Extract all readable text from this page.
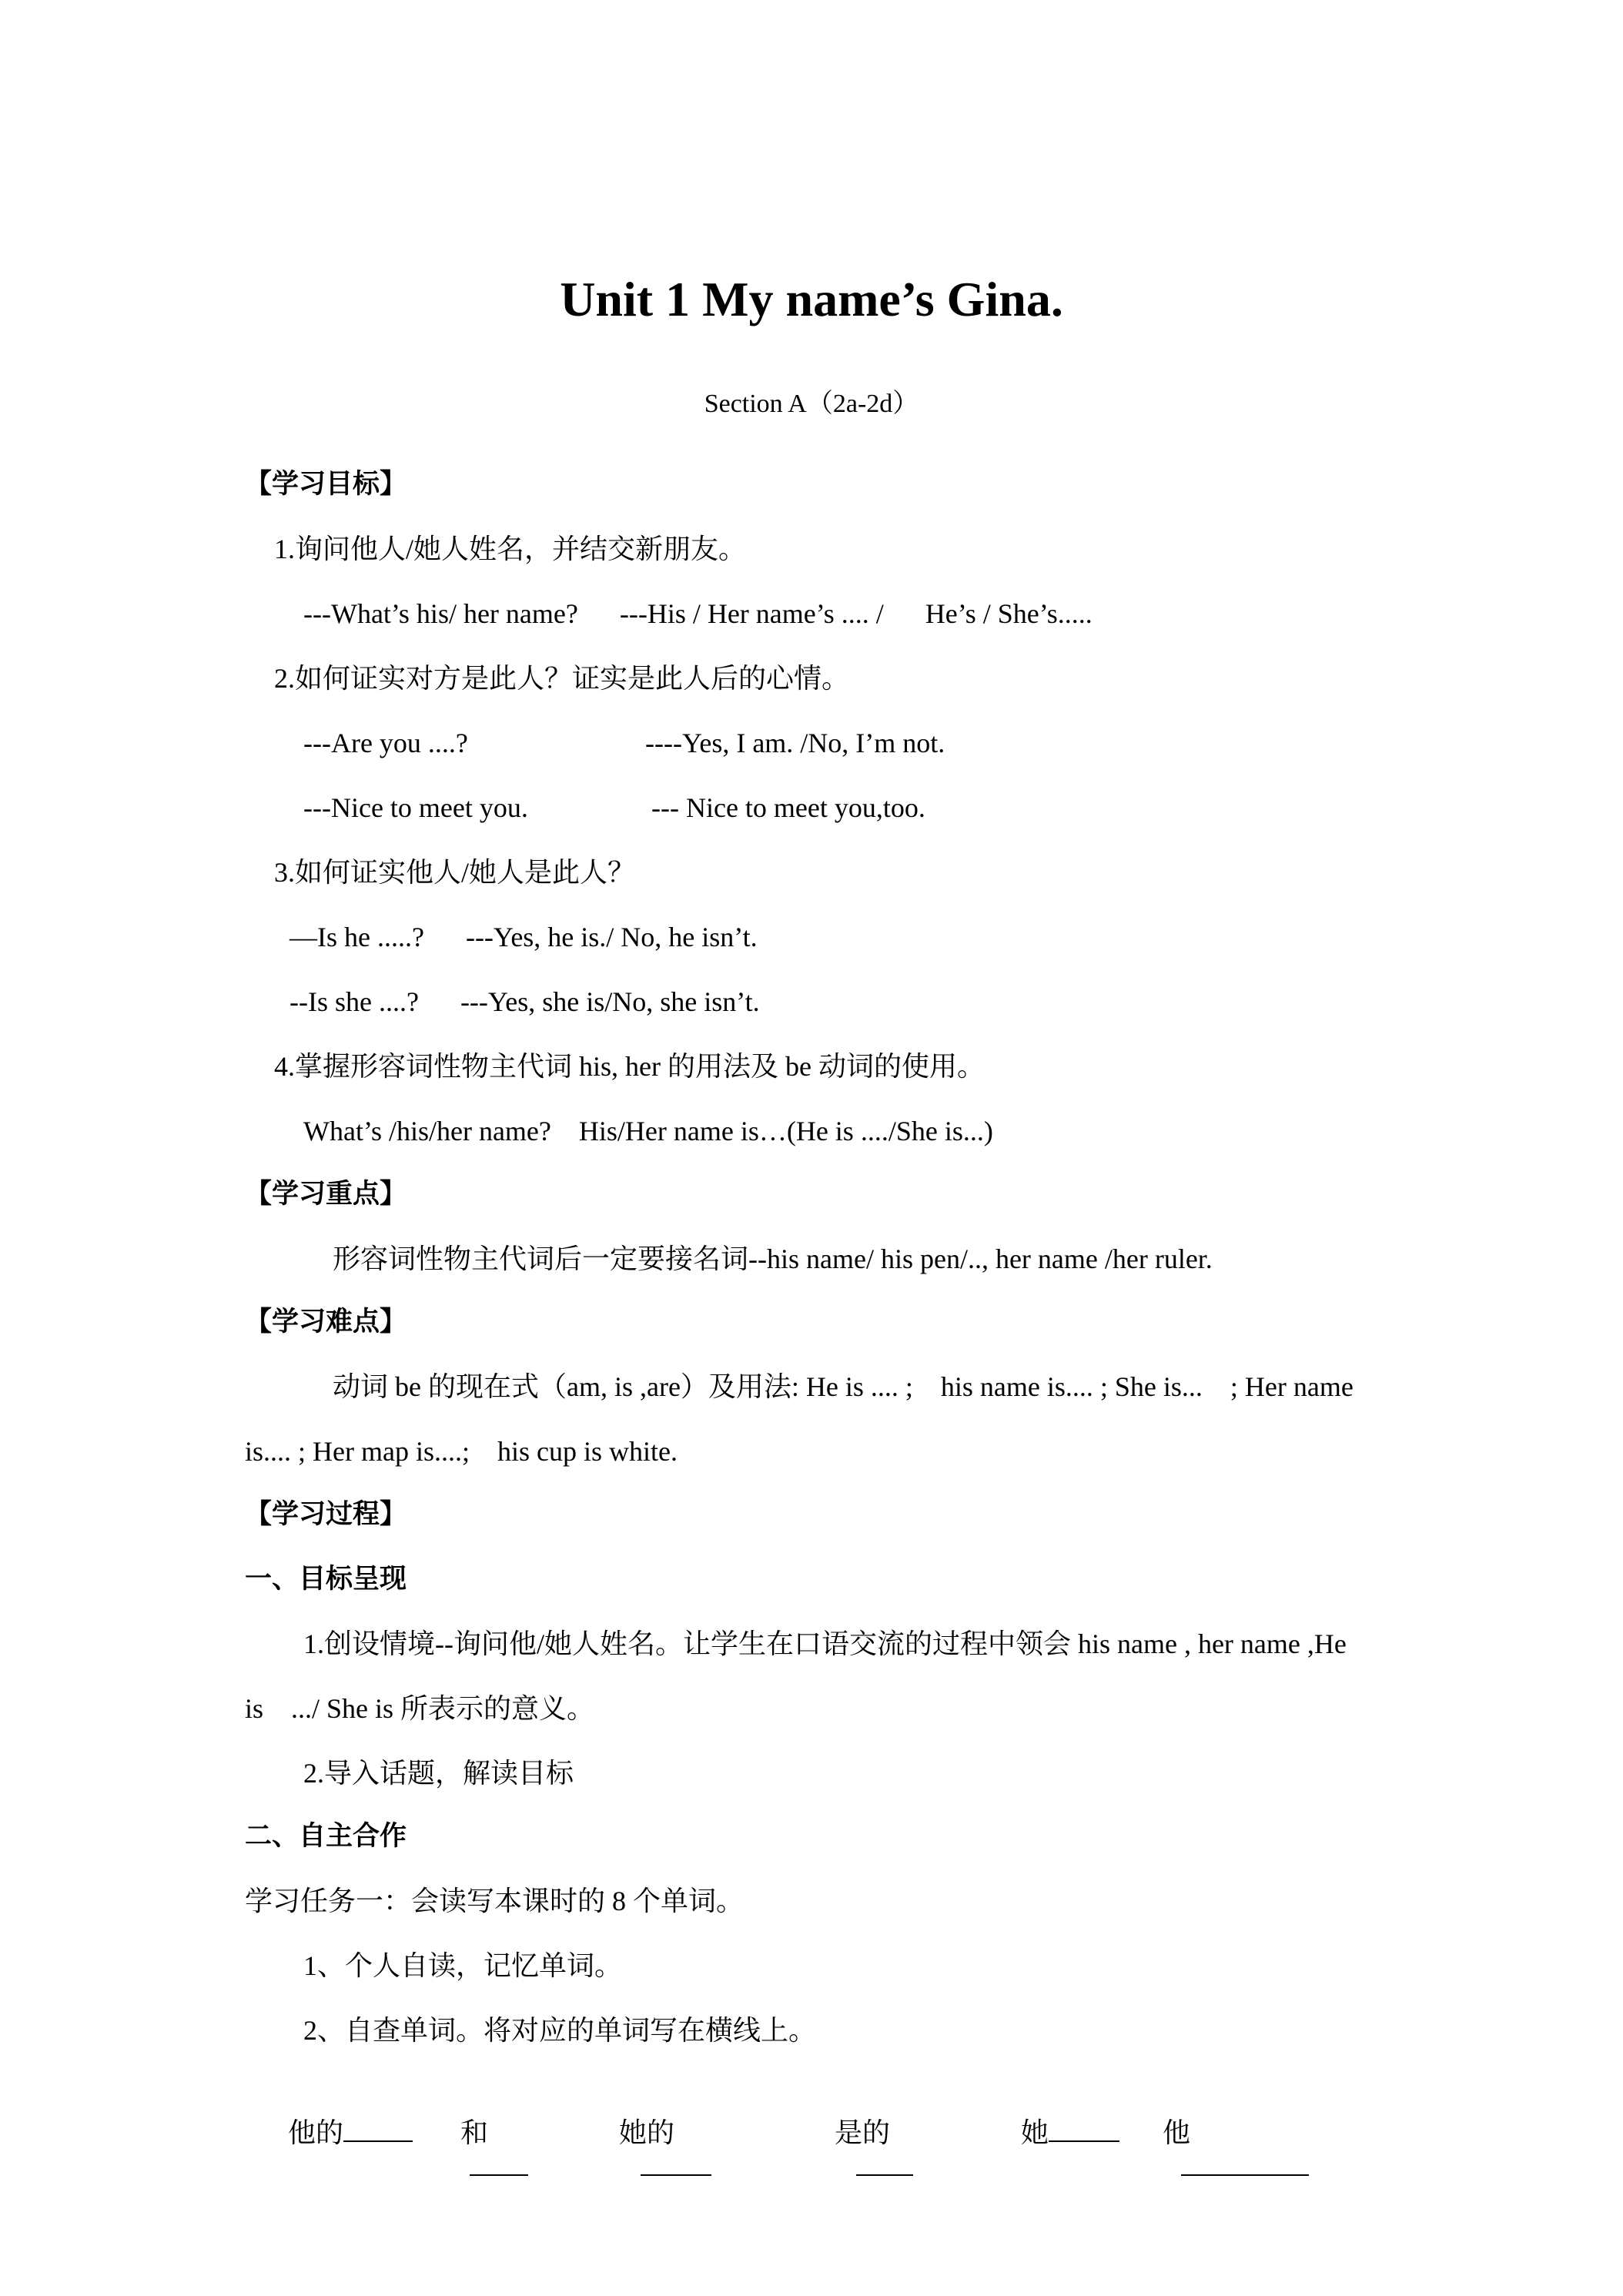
Unit 1 My name’s Gina.
Section A（2a-2d）
【学习目标】
1.询问他人/她人姓名，并结交新朋友。
---What’s his/ her name?      ---His / Her name’s .... /      He’s / She’s.....
2.如何证实对方是此人？证实是此人后的心情。
---Are you ....?	----Yes, I am. /No, I’m not.
---Nice to meet you.	--- Nice to meet you,too.
3.如何证实他人/她人是此人？
—Is he .....?      ---Yes, he is./ No, he isn’t.
--Is she ....?      ---Yes, she is/No, she isn’t.
4.掌握形容词性物主代词 his, her 的用法及 be 动词的使用。
What’s /his/her name?    His/Her name is…(He is ..../She is...)
【学习重点】
形容词性物主代词后一定要接名词--his name/ his pen/.., her name /her ruler.
【学习难点】
动词 be 的现在式（am, is ,are）及用法: He is .... ;    his name is.... ; She is...    ; Her name
is.... ; Her map is....;    his cup is white.
【学习过程】
一、目标呈现
1.创设情境--询问他/她人姓名。让学生在口语交流的过程中领会 his name , her name ,He
is    .../ She is 所表示的意义。
2.导入话题，解读目标
二、自主合作
学习任务一：会读写本课时的 8 个单词。
1、个人自读，记忆单词。
2、自查单词。将对应的单词写在横线上。

他的	和
	她的
	是的
	她	他
